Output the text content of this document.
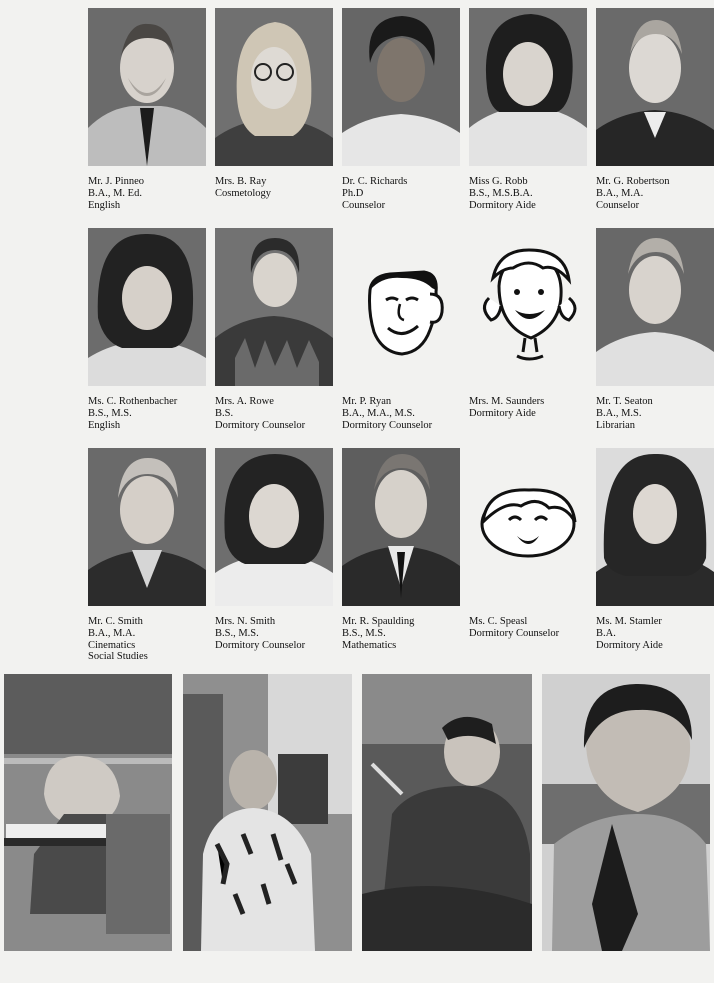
Mr. J. Pinneo
B.A., M. Ed.
English
Mrs. B. Ray
Cosmetology
Dr. C. Richards
Ph.D
Counselor
Miss G. Robb
B.S., M.S.B.A.
Dormitory Aide
Mr. G. Robertson
B.A., M.A.
Counselor
Ms. C. Rothenbacher
B.S., M.S.
English
Mrs. A. Rowe
B.S.
Dormitory Counselor
Mr. P. Ryan
B.A., M.A., M.S.
Dormitory Counselor
Mrs. M. Saunders
Dormitory Aide
Mr. T. Seaton
B.A., M.S.
Librarian
Mr. C. Smith
B.A., M.A.
Cinematics
Social Studies
Mrs. N. Smith
B.S., M.S.
Dormitory Counselor
Mr. R. Spaulding
B.S., M.S.
Mathematics
Ms. C. Speasl
Dormitory Counselor
Ms. M. Stamler
B.A.
Dormitory Aide
